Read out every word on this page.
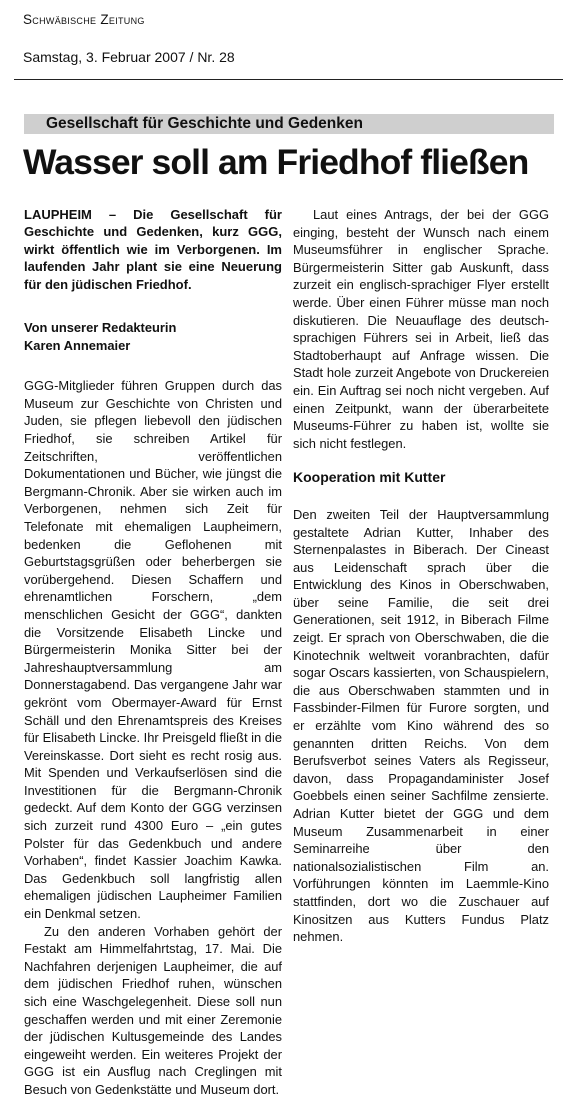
Schwäbische Zeitung
Samstag, 3. Februar 2007 / Nr. 28
Gesellschaft für Geschichte und Gedenken
Wasser soll am Friedhof fließen

LAUPHEIM – Die Gesellschaft für Geschichte und Gedenken, kurz GGG, wirkt öffentlich wie im Verborgenen. Im laufenden Jahr plant sie eine Neuerung für den jüdischen Friedhof.

Von unserer Redakteurin
Karen Annemaier

GGG-Mitglieder führen Gruppen durch das Museum zur Geschichte von Christen und Juden, sie pflegen liebevoll den jüdischen Friedhof, sie schreiben Artikel für Zeitschriften, veröffentlichen Dokumentationen und Bücher, wie jüngst die Bergmann-Chronik. Aber sie wirken auch im Verborgenen, nehmen sich Zeit für Telefonate mit ehemaligen Laupheimern, bedenken die Geflohenen mit Geburtstagsgrüßen oder beherbergen sie vorübergehend. Diesen Schaffern und ehrenamtlichen Forschern, „dem menschlichen Gesicht der GGG“, dankten die Vorsitzende Elisabeth Lincke und Bürgermeisterin Monika Sitter bei der Jahreshauptversammlung am Donnerstagabend. Das vergangene Jahr war gekrönt vom Obermayer-Award für Ernst Schäll und den Ehrenamtspreis des Kreises für Elisabeth Lincke. Ihr Preisgeld fließt in die Vereinskasse. Dort sieht es recht rosig aus. Mit Spenden und Verkaufserlösen sind die Investitionen für die Bergmann-Chronik gedeckt. Auf dem Konto der GGG verzinsen sich zurzeit rund 4300 Euro – „ein gutes Polster für das Gedenkbuch und andere Vorhaben“, findet Kassier Joachim Kawka. Das Gedenkbuch soll langfristig allen ehemaligen jüdischen Laupheimer Familien ein Denkmal setzen.

Zu den anderen Vorhaben gehört der Festakt am Himmelfahrtstag, 17. Mai. Die Nachfahren derjenigen Laupheimer, die auf dem jüdischen Friedhof ruhen, wünschen sich eine Waschgelegenheit. Diese soll nun geschaffen werden und mit einer Zeremonie der jüdischen Kultusgemeinde des Landes eingeweiht werden. Ein weiteres Projekt der GGG ist ein Ausflug nach Creglingen mit Besuch von Gedenkstätte und Museum dort.

Laut eines Antrags, der bei der GGG einging, besteht der Wunsch nach einem Museumsführer in englischer Sprache. Bürgermeisterin Sitter gab Auskunft, dass zurzeit ein englisch-sprachiger Flyer erstellt werde. Über einen Führer müsse man noch diskutieren. Die Neuauflage des deutsch-sprachigen Führers sei in Arbeit, ließ das Stadtoberhaupt auf Anfrage wissen. Die Stadt hole zurzeit Angebote von Druckereien ein. Ein Auftrag sei noch nicht vergeben. Auf einen Zeitpunkt, wann der überarbeitete Museums-Führer zu haben ist, wollte sie sich nicht festlegen.

Kooperation mit Kutter

Den zweiten Teil der Hauptversammlung gestaltete Adrian Kutter, Inhaber des Sternenpalastes in Biberach. Der Cineast aus Leidenschaft sprach über die Entwicklung des Kinos in Oberschwaben, über seine Familie, die seit drei Generationen, seit 1912, in Biberach Filme zeigt. Er sprach von Oberschwaben, die die Kinotechnik weltweit voranbrachten, dafür sogar Oscars kassierten, von Schauspielern, die aus Oberschwaben stammten und in Fassbinder-Filmen für Furore sorgten, und er erzählte vom Kino während des so genannten dritten Reichs. Von dem Berufsverbot seines Vaters als Regisseur, davon, dass Propagandaminister Josef Goebbels einen seiner Sachfilme zensierte. Adrian Kutter bietet der GGG und dem Museum Zusammenarbeit in einer Seminarreihe über den nationalsozialistischen Film an. Vorführungen könnten im Laemmle-Kino stattfinden, dort wo die Zuschauer auf Kinositzen aus Kutters Fundus Platz nehmen.
